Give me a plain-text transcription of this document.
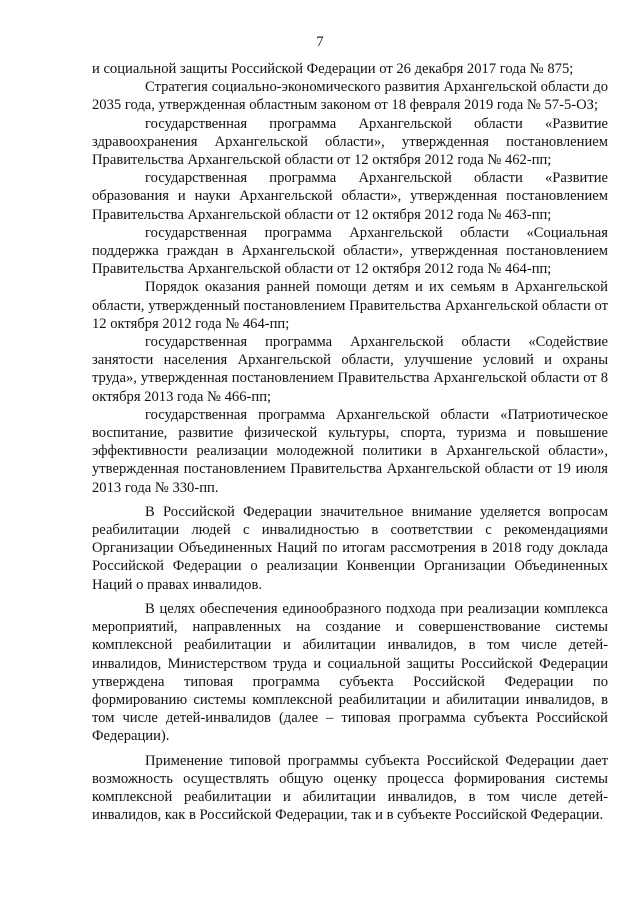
7

и социальной защиты Российской Федерации от 26 декабря 2017 года № 875;

Стратегия социально-экономического развития Архангельской области до 2035 года, утвержденная областным законом от 18 февраля 2019 года № 57-5-ОЗ;

государственная программа Архангельской области «Развитие здравоохранения Архангельской области», утвержденная постановлением Правительства Архангельской области от 12 октября 2012 года № 462-пп;

государственная программа Архангельской области «Развитие образования и науки Архангельской области», утвержденная постановлением Правительства Архангельской области от 12 октября 2012 года № 463-пп;

государственная программа Архангельской области «Социальная поддержка граждан в Архангельской области», утвержденная постановлением Правительства Архангельской области от 12 октября 2012 года № 464-пп;

Порядок оказания ранней помощи детям и их семьям в Архангельской области, утвержденный постановлением Правительства Архангельской области от 12 октября 2012 года № 464-пп;

государственная программа Архангельской области «Содействие занятости населения Архангельской области, улучшение условий и охраны труда», утвержденная постановлением Правительства Архангельской области от 8 октября 2013 года № 466-пп;

государственная программа Архангельской области «Патриотическое воспитание, развитие физической культуры, спорта, туризма и повышение эффективности реализации молодежной политики в Архангельской области», утвержденная постановлением Правительства Архангельской области от 19 июля 2013 года № 330-пп.

В Российской Федерации значительное внимание уделяется вопросам реабилитации людей с инвалидностью в соответствии с рекомендациями Организации Объединенных Наций по итогам рассмотрения в 2018 году доклада Российской Федерации о реализации Конвенции Организации Объединенных Наций о правах инвалидов.

В целях обеспечения единообразного подхода при реализации комплекса мероприятий, направленных на создание и совершенствование системы комплексной реабилитации и абилитации инвалидов, в том числе детей-инвалидов, Министерством труда и социальной защиты Российской Федерации утверждена типовая программа субъекта Российской Федерации по формированию системы комплексной реабилитации и абилитации инвалидов, в том числе детей-инвалидов (далее – типовая программа субъекта Российской Федерации).

Применение типовой программы субъекта Российской Федерации дает возможность осуществлять общую оценку процесса формирования системы комплексной реабилитации и абилитации инвалидов, в том числе детей-инвалидов, как в Российской Федерации, так и в субъекте Российской Федерации.
